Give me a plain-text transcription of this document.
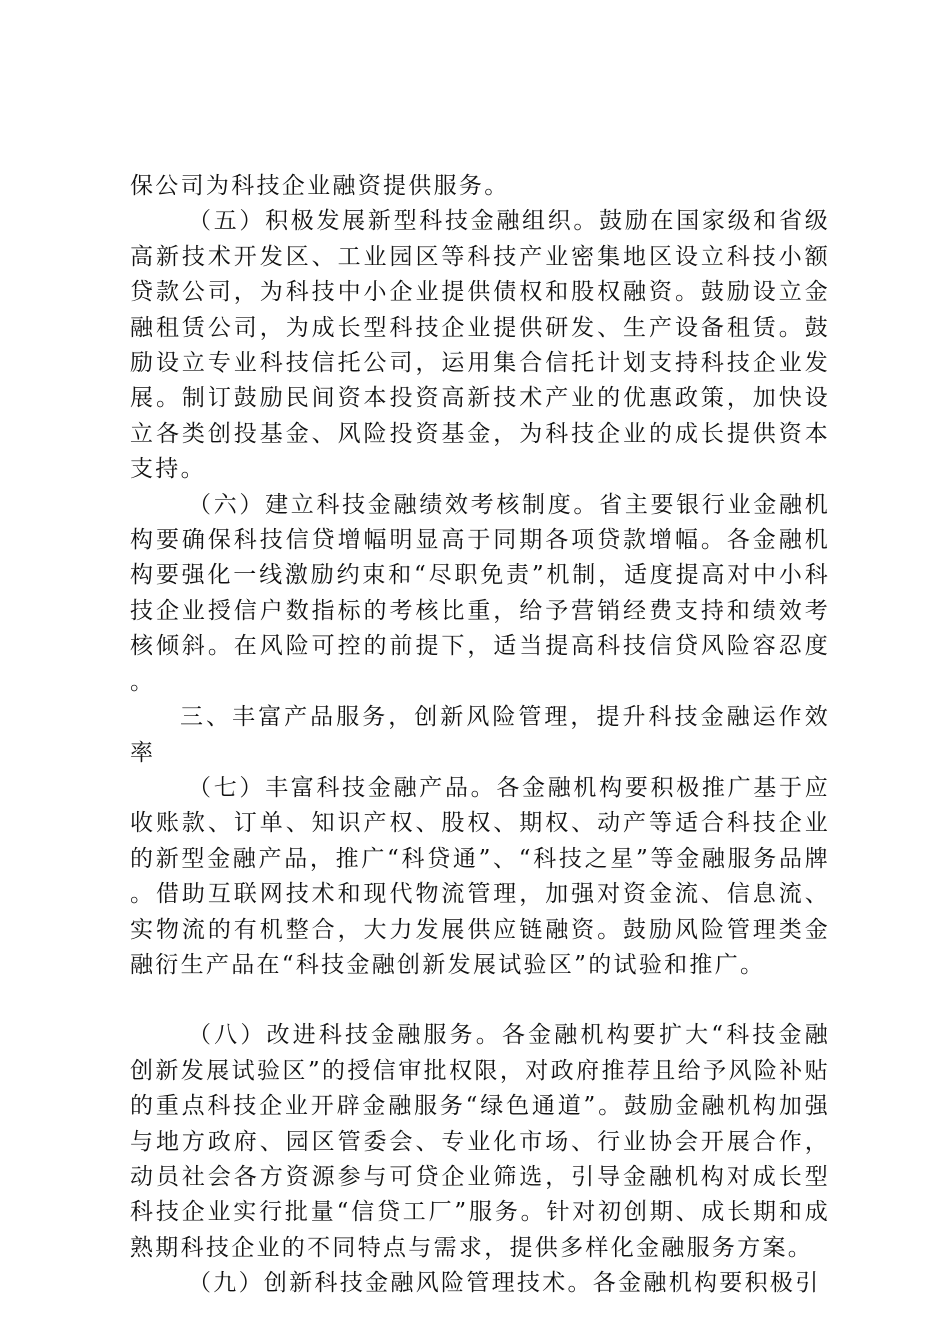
保公司为科技企业融资提供服务。

（五）积极发展新型科技金融组织。鼓励在国家级和省级高新技术开发区、工业园区等科技产业密集地区设立科技小额贷款公司，为科技中小企业提供债权和股权融资。鼓励设立金融租赁公司，为成长型科技企业提供研发、生产设备租赁。鼓励设立专业科技信托公司，运用集合信托计划支持科技企业发展。制订鼓励民间资本投资高新技术产业的优惠政策，加快设立各类创投基金、风险投资基金，为科技企业的成长提供资本支持。

（六）建立科技金融绩效考核制度。省主要银行业金融机构要确保科技信贷增幅明显高于同期各项贷款增幅。各金融机构要强化一线激励约束和“尽职免责”机制，适度提高对中小科技企业授信户数指标的考核比重，给予营销经费支持和绩效考核倾斜。在风险可控的前提下，适当提高科技信贷风险容忍度。

三、丰富产品服务，创新风险管理，提升科技金融运作效率

（七）丰富科技金融产品。各金融机构要积极推广基于应收账款、订单、知识产权、股权、期权、动产等适合科技企业的新型金融产品，推广“科贷通”、“科技之星”等金融服务品牌。借助互联网技术和现代物流管理，加强对资金流、信息流、实物流的有机整合，大力发展供应链融资。鼓励风险管理类金融衍生产品在“科技金融创新发展试验区”的试验和推广。

（八）改进科技金融服务。各金融机构要扩大“科技金融创新发展试验区”的授信审批权限，对政府推荐且给予风险补贴的重点科技企业开辟金融服务“绿色通道”。鼓励金融机构加强与地方政府、园区管委会、专业化市场、行业协会开展合作，动员社会各方资源参与可贷企业筛选，引导金融机构对成长型科技企业实行批量“信贷工厂”服务。针对初创期、成长期和成熟期科技企业的不同特点与需求，提供多样化金融服务方案。

（九）创新科技金融风险管理技术。各金融机构要积极引
